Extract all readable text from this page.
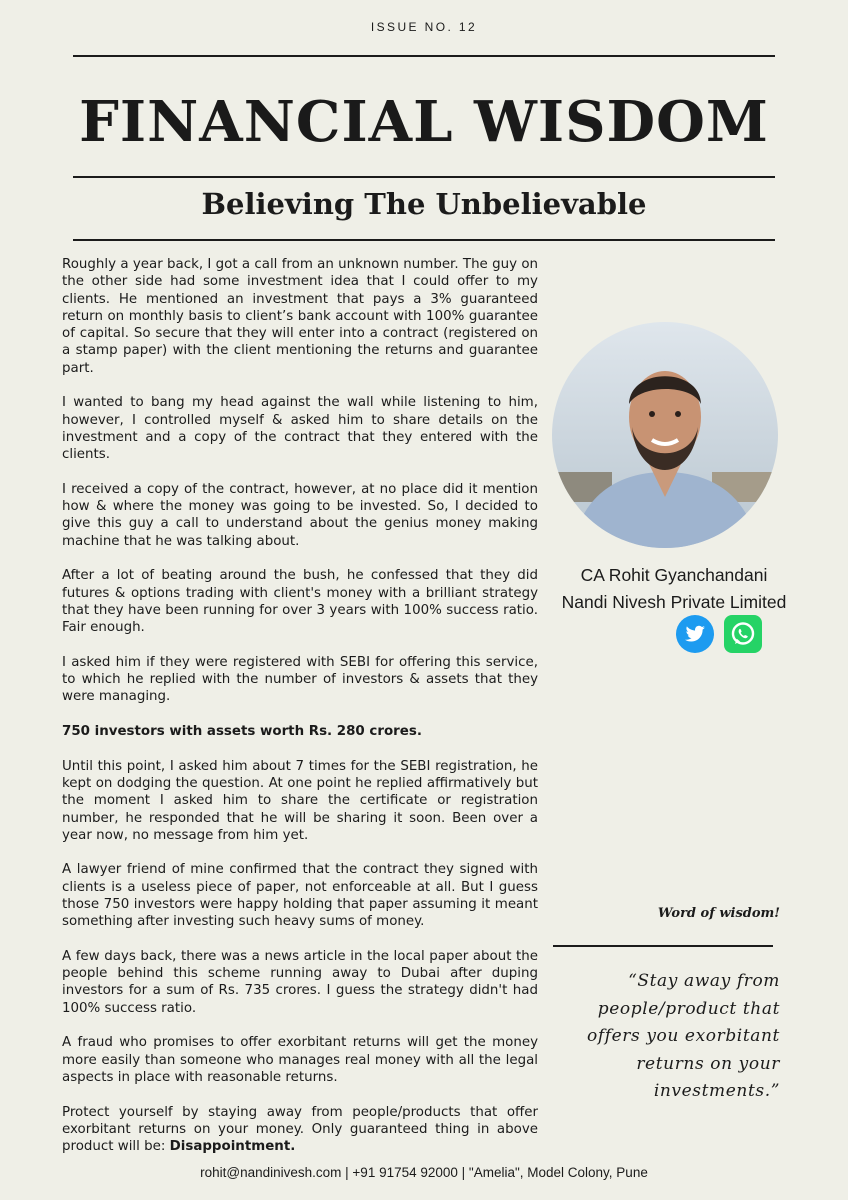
ISSUE NO. 12
FINANCIAL WISDOM
Believing The Unbelievable

Roughly a year back, I got a call from an unknown number. The guy on the other side had some investment idea that I could offer to my clients. He mentioned an investment that pays a 3% guaranteed return on monthly basis to client’s bank account with 100% guarantee of capital. So secure that they will enter into a contract (registered on a stamp paper) with the client mentioning the returns and guarantee part.

I wanted to bang my head against the wall while listening to him, however, I controlled myself & asked him to share details on the investment and a copy of the contract that they entered with the clients.

I received a copy of the contract, however, at no place did it mention how & where the money was going to be invested. So, I decided to give this guy a call to understand about the genius money making machine that he was talking about.

After a lot of beating around the bush, he confessed that they did futures & options trading with client's money with a brilliant strategy that they have been running for over 3 years with 100% success ratio. Fair enough.

I asked him if they were registered with SEBI for offering this service, to which he replied with the number of investors & assets that they were managing.

750 investors with assets worth Rs. 280 crores.

Until this point, I asked him about 7 times for the SEBI registration, he kept on dodging the question. At one point he replied affirmatively but the moment I asked him to share the certificate or registration number, he responded that he will be sharing it soon. Been over a year now, no message from him yet.

A lawyer friend of mine confirmed that the contract they signed with clients is a useless piece of paper, not enforceable at all. But I guess those 750 investors were happy holding that paper assuming it meant something after investing such heavy sums of money.

A few days back, there was a news article in the local paper about the people behind this scheme running away to Dubai after duping investors for a sum of Rs. 735 crores. I guess the strategy didn't had 100% success ratio.

A fraud who promises to offer exorbitant returns will get the money more easily than someone who manages real money with all the legal aspects in place with reasonable returns.

Protect yourself by staying away from people/products that offer exorbitant returns on your money. Only guaranteed thing in above product will be: Disappointment.

CA Rohit Gyanchandani
Nandi Nivesh Private Limited
Word of wisdom!
“Stay away from
people/product that
offers you exorbitant
returns on your
investments.”
rohit@nandinivesh.com | +91 91754 92000 | "Amelia", Model Colony, Pune
